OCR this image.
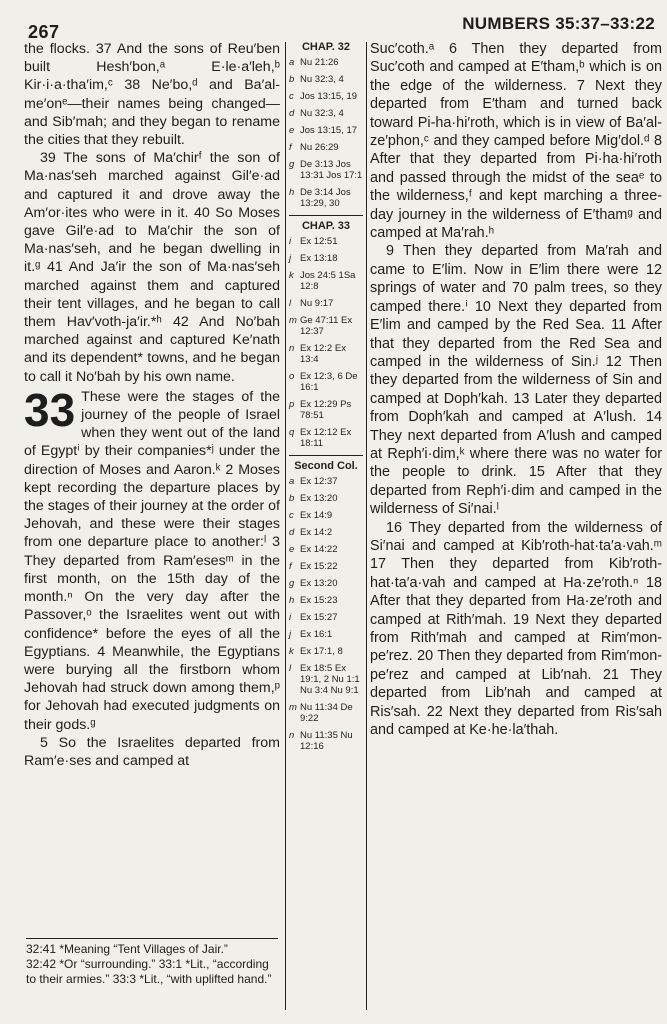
267	NUMBERS 35:37–33:22

the flocks. 37 And the sons of Reu′ben built Hesh′bon,ᵃ E·le·a′leh,ᵇ Kir·i·a·tha′im,ᶜ 38 Ne′bo,ᵈ and Ba′al-me′onᵉ—their names being changed—and Sib′mah; and they began to rename the cities that they rebuilt.

39 The sons of Ma′chirᶠ the son of Ma·nas′seh marched against Gil′e·ad and captured it and drove away the Am′or·ites who were in it. 40 So Moses gave Gil′e·ad to Ma′chir the son of Ma·nas′seh, and he began dwelling in it.ᵍ 41 And Ja′ir the son of Ma·nas′seh marched against them and captured their tent villages, and he began to call them Hav′voth-ja′ir.*ʰ 42 And No′bah marched against and captured Ke′nath and its dependent* towns, and he began to call it No′bah by his own name.

33 These were the stages of the journey of the people of Israel when they went out of the land of Egyptⁱ by their companies*ʲ under the direction of Moses and Aaron.ᵏ 2 Moses kept recording the departure places by the stages of their journey at the order of Jehovah, and these were their stages from one departure place to another:ˡ 3 They departed from Ram′esesᵐ in the first month, on the 15th day of the month.ⁿ On the very day after the Passover,ᵒ the Israelites went out with confidence* before the eyes of all the Egyptians. 4 Meanwhile, the Egyptians were burying all the firstborn whom Jehovah had struck down among them,ᵖ for Jehovah had executed judgments on their gods.ᵍ

5 So the Israelites departed from Ram′e·ses and camped at

32:41 *Meaning “Tent Villages of Jair.”
32:42 *Or “surrounding.” 33:1 *Lit., “according to their armies.” 33:3 *Lit., “with uplifted hand.”
CHAP. 32
a Nu 21:26
b Nu 32:3, 4
c Jos 13:15, 19
d Nu 32:3, 4
e Jos 13:15, 17
f Nu 26:29
g De 3:13 Jos 13:31 Jos 17:1
h De 3:14 Jos 13:29, 30
CHAP. 33
i Ex 12:51
j Ex 13:18
k Jos 24:5 1Sa 12:8
l Nu 9:17
m Ge 47:11 Ex 12:37
n Ex 12:2 Ex 13:4
o Ex 12:3, 6 De 16:1
p Ex 12:29 Ps 78:51
q Ex 12:12 Ex 18:11
Second Col.
a Ex 12:37
b Ex 13:20
c Ex 14:9
d Ex 14:2
e Ex 14:22
f Ex 15:22
g Ex 13:20
h Ex 15:23
i Ex 15:27
j Ex 16:1
k Ex 17:1, 8
l Ex 18:5 Ex 19:1, 2 Nu 1:1 Nu 3:4 Nu 9:1
m Nu 11:34 De 9:22
n Nu 11:35 Nu 12:16

Suc′coth.ᵃ 6 Then they departed from Suc′coth and camped at E′tham,ᵇ which is on the edge of the wilderness. 7 Next they departed from E′tham and turned back toward Pi-ha·hi′roth, which is in view of Ba′al-ze′phon,ᶜ and they camped before Mig′dol.ᵈ 8 After that they departed from Pi·ha·hi′roth and passed through the midst of the seaᵉ to the wilderness,ᶠ and kept marching a three-day journey in the wilderness of E′thamᵍ and camped at Ma′rah.ʰ

9 Then they departed from Ma′rah and came to E′lim. Now in E′lim there were 12 springs of water and 70 palm trees, so they camped there.ⁱ 10 Next they departed from E′lim and camped by the Red Sea. 11 After that they departed from the Red Sea and camped in the wilderness of Sin.ʲ 12 Then they departed from the wilderness of Sin and camped at Doph′kah. 13 Later they departed from Doph′kah and camped at A′lush. 14 They next departed from A′lush and camped at Reph′i·dim,ᵏ where there was no water for the people to drink. 15 After that they departed from Reph′i·dim and camped in the wilderness of Si′nai.ˡ

16 They departed from the wilderness of Si′nai and camped at Kib′roth-hat·ta′a·vah.ᵐ 17 Then they departed from Kib′roth-hat·ta′a·vah and camped at Ha·ze′roth.ⁿ 18 After that they departed from Ha·ze′roth and camped at Rith′mah. 19 Next they departed from Rith′mah and camped at Rim′mon-pe′rez. 20 Then they departed from Rim′mon-pe′rez and camped at Lib′nah. 21 They departed from Lib′nah and camped at Ris′sah. 22 Next they departed from Ris′sah and camped at Ke·he·la′thah.
